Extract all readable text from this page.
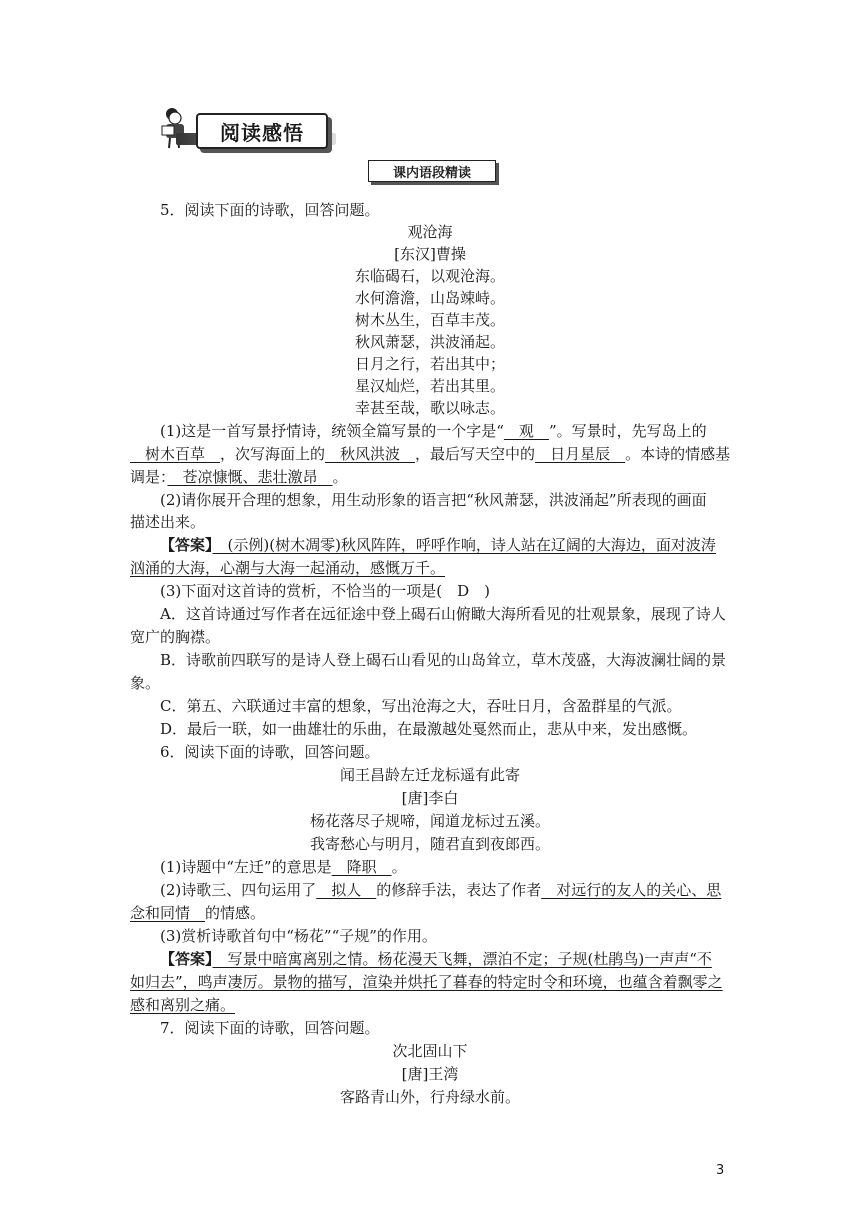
阅读感悟
课内语段精读
5．阅读下面的诗歌，回答问题。
观沧海
[东汉]曹操
东临碣石，以观沧海。
水何澹澹，山岛竦峙。
树木丛生，百草丰茂。
秋风萧瑟，洪波涌起。
日月之行，若出其中；
星汉灿烂，若出其里。
幸甚至哉，歌以咏志。
(1)这是一首写景抒情诗，统领全篇写景的一个字是“　观　”。写景时，先写岛上的
　树木百草　，次写海面上的　秋风洪波　，最后写天空中的　日月星辰　。本诗的情感基
调是：　苍凉慷慨、悲壮激昂　。
(2)请你展开合理的想象，用生动形象的语言把“秋风萧瑟，洪波涌起”所表现的画面
描述出来。
【答案】　(示例)(树木凋零)秋风阵阵，呼呼作响，诗人站在辽阔的大海边，面对波涛
汹涌的大海，心潮与大海一起涌动，感慨万千。
(3)下面对这首诗的赏析，不恰当的一项是(　D　)
A．这首诗通过写作者在远征途中登上碣石山俯瞰大海所看见的壮观景象，展现了诗人
宽广的胸襟。
B．诗歌前四联写的是诗人登上碣石山看见的山岛耸立，草木茂盛，大海波澜壮阔的景
象。
C．第五、六联通过丰富的想象，写出沧海之大，吞吐日月，含盈群星的气派。
D．最后一联，如一曲雄壮的乐曲，在最激越处戛然而止，悲从中来，发出感慨。
6．阅读下面的诗歌，回答问题。
闻王昌龄左迁龙标遥有此寄
[唐]李白
杨花落尽子规啼，闻道龙标过五溪。
我寄愁心与明月，随君直到夜郎西。
(1)诗题中“左迁”的意思是　降职　。
(2)诗歌三、四句运用了　拟人　的修辞手法，表达了作者　对远行的友人的关心、思
念和同情　的情感。
(3)赏析诗歌首句中“杨花”“子规”的作用。
【答案】　写景中暗寓离别之情。杨花漫天飞舞，漂泊不定；子规(杜鹃鸟)一声声“不
如归去”，鸣声凄厉。景物的描写，渲染并烘托了暮春的特定时令和环境，也蕴含着飘零之
感和离别之痛。
7．阅读下面的诗歌，回答问题。
次北固山下
[唐]王湾
客路青山外，行舟绿水前。
3
